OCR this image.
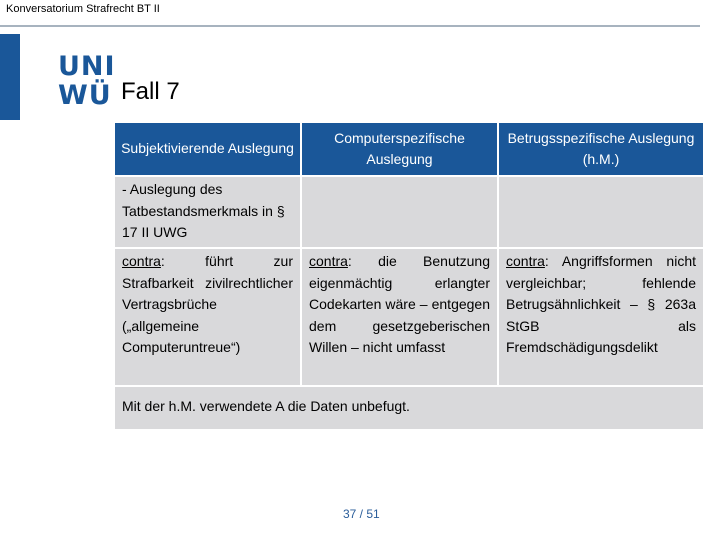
Konversatorium Strafrecht BT II
UNI
WÜ Fall 7
Subjektivierende Auslegung	Computerspezifische Auslegung	Betrugsspezifische Auslegung (h.M.)
- Auslegung des Tatbestandsmerkmals in § 17 II UWG		
contra: führt zur Strafbarkeit zivilrechtlicher Vertragsbrüche („allgemeine Computeruntreue“)	contra: die Benutzung eigenmächtig erlangter Codekarten wäre – entgegen dem gesetzgeberischen Willen – nicht umfasst	contra: Angriffsformen nicht vergleichbar; fehlende Betrugsähnlichkeit – § 263a StGB als Fremdschädigungsdelikt
Mit der h.M. verwendete A die Daten unbefugt.		
37 / 51
